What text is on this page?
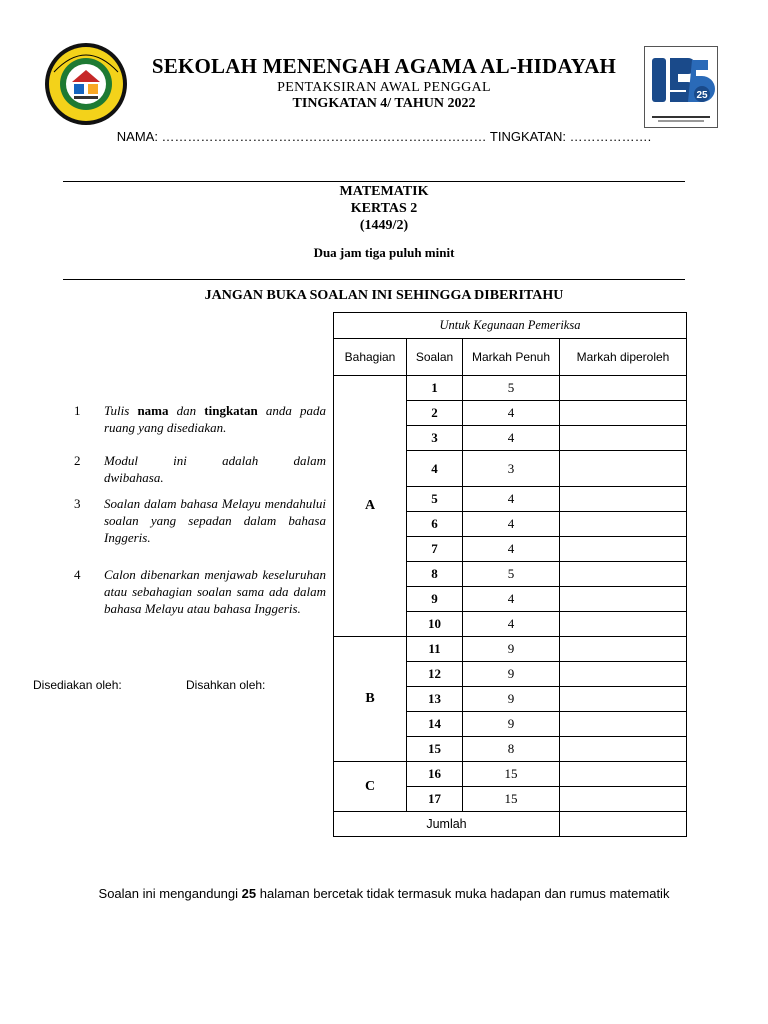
25
SEKOLAH MENENGAH AGAMA AL-HIDAYAH
PENTAKSIRAN AWAL PENGGAL
TINGKATAN 4/ TAHUN 2022
NAMA: ………………………………………………………………… TINGKATAN: ……………….
MATEMATIK
KERTAS 2
(1449/2)
Dua jam tiga puluh minit
JANGAN BUKA SOALAN INI SEHINGGA DIBERITAHU
1 Tulis nama dan tingkatan anda pada ruang yang disediakan.
2 Modul ini adalah dalam dwibahasa.
3 Soalan dalam bahasa Melayu mendahului soalan yang sepadan dalam bahasa Inggeris.
4 Calon dibenarkan menjawab keseluruhan atau sebahagian soalan sama ada dalam bahasa Melayu atau bahasa Inggeris.
Disediakan oleh:	Disahkan oleh:
Untuk Kegunaan Pemeriksa			
Bahagian	Soalan	Markah Penuh	Markah diperoleh
A	1	5	
	2	4	
	3	4	
	4	3	
	5	4	
	6	4	
	7	4	
	8	5	
	9	4	
	10	4	
B	11	9	
	12	9	
	13	9	
	14	9	
	15	8	
C	16	15	
	17	15	
Jumlah			
Soalan ini mengandungi 25 halaman bercetak tidak termasuk muka hadapan dan rumus matematik
